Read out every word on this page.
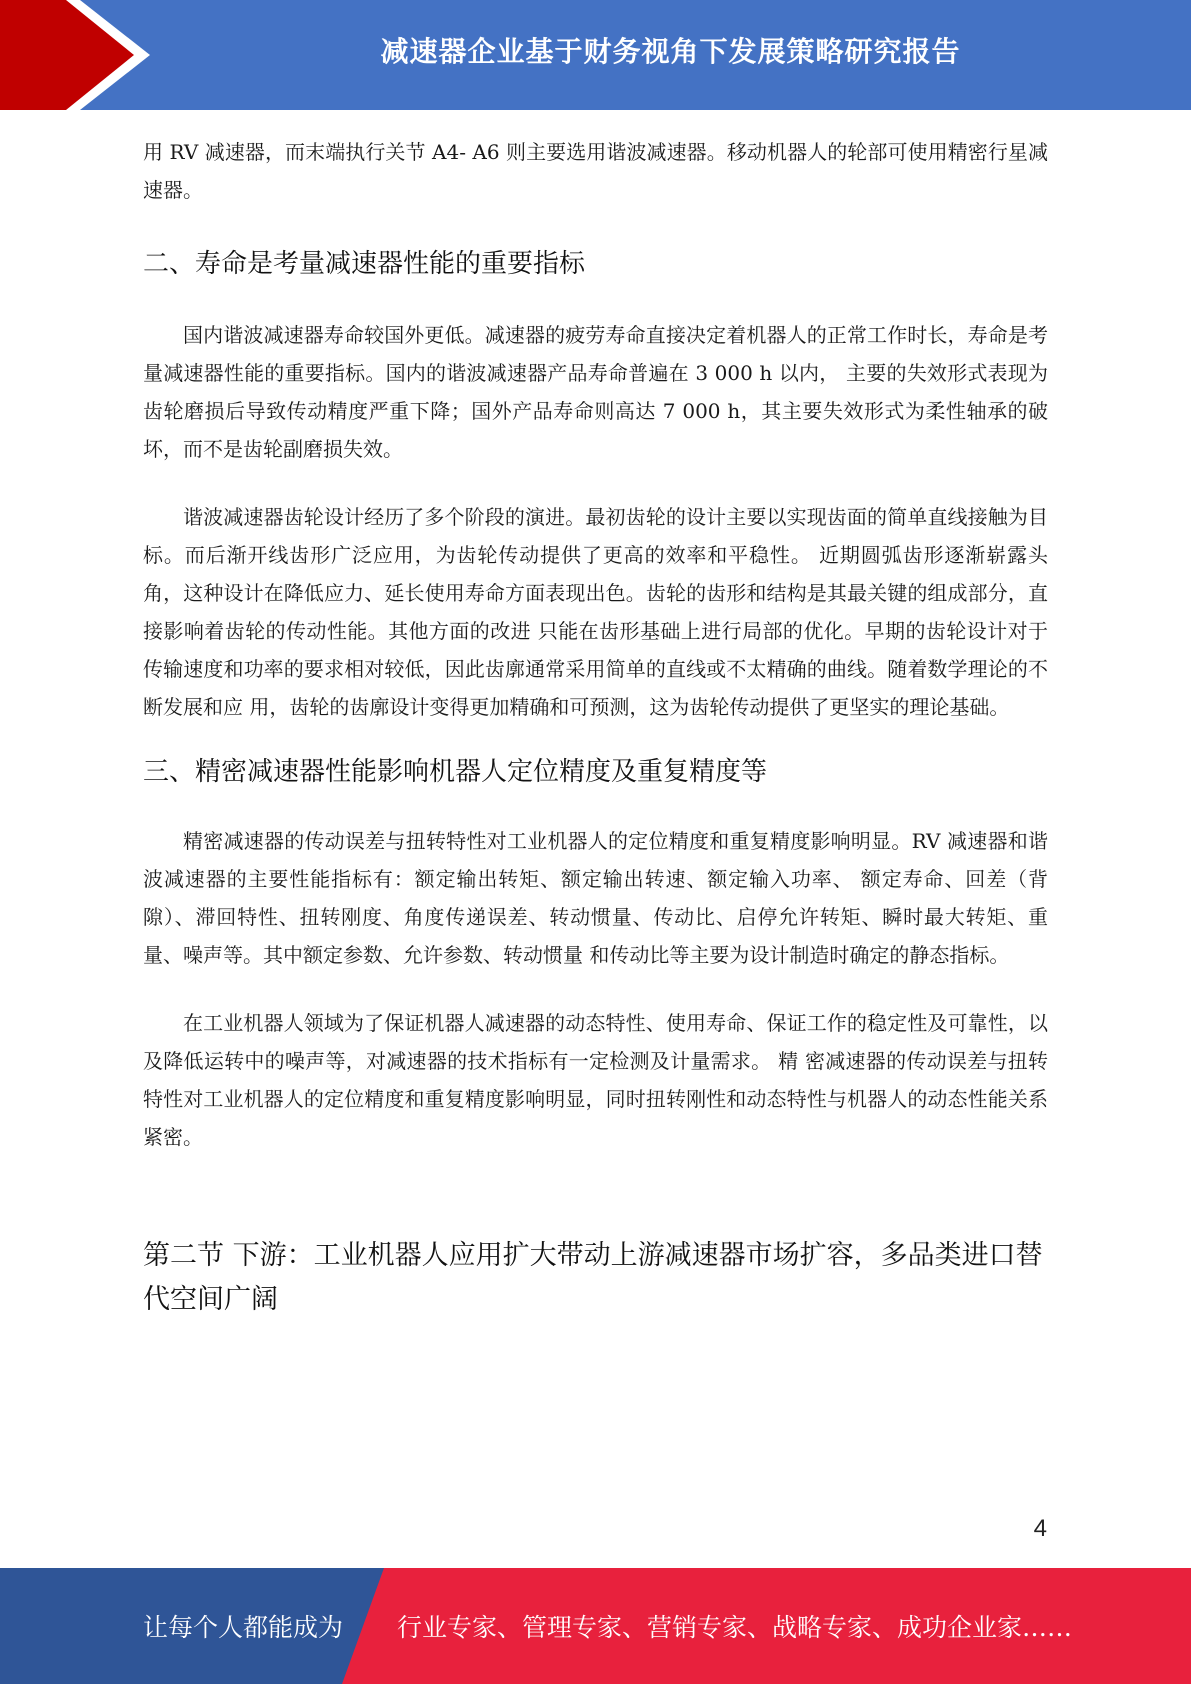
减速器企业基于财务视角下发展策略研究报告

用 RV 减速器，而末端执行关节 A4- A6 则主要选用谐波减速器。移动机器人的轮部可使用精密行星减速器。

二、寿命是考量减速器性能的重要指标

国内谐波减速器寿命较国外更低。减速器的疲劳寿命直接决定着机器人的正常工作时长，寿命是考量减速器性能的重要指标。国内的谐波减速器产品寿命普遍在 3 000 h 以内， 主要的失效形式表现为齿轮磨损后导致传动精度严重下降；国外产品寿命则高达 7 000 h，其主要失效形式为柔性轴承的破坏，而不是齿轮副磨损失效。

谐波减速器齿轮设计经历了多个阶段的演进。最初齿轮的设计主要以实现齿面的简单直线接触为目标。而后渐开线齿形广泛应用，为齿轮传动提供了更高的效率和平稳性。 近期圆弧齿形逐渐崭露头角，这种设计在降低应力、延长使用寿命方面表现出色。齿轮的齿形和结构是其最关键的组成部分，直接影响着齿轮的传动性能。其他方面的改进 只能在齿形基础上进行局部的优化。早期的齿轮设计对于传输速度和功率的要求相对较低，因此齿廓通常采用简单的直线或不太精确的曲线。随着数学理论的不断发展和应 用，齿轮的齿廓设计变得更加精确和可预测，这为齿轮传动提供了更坚实的理论基础。

三、精密减速器性能影响机器人定位精度及重复精度等

精密减速器的传动误差与扭转特性对工业机器人的定位精度和重复精度影响明显。RV 减速器和谐波减速器的主要性能指标有：额定输出转矩、额定输出转速、额定输入功率、 额定寿命、回差（背隙）、滞回特性、扭转刚度、角度传递误差、转动惯量、传动比、启停允许转矩、瞬时最大转矩、重量、噪声等。其中额定参数、允许参数、转动惯量 和传动比等主要为设计制造时确定的静态指标。

在工业机器人领域为了保证机器人减速器的动态特性、使用寿命、保证工作的稳定性及可靠性，以及降低运转中的噪声等，对减速器的技术指标有一定检测及计量需求。 精 密减速器的传动误差与扭转特性对工业机器人的定位精度和重复精度影响明显，同时扭转刚性和动态特性与机器人的动态性能关系紧密。

第二节 下游：工业机器人应用扩大带动上游减速器市场扩容，多品类进口替代空间广阔
4
让每个人都能成为 行业专家、管理专家、营销专家、战略专家、成功企业家……
